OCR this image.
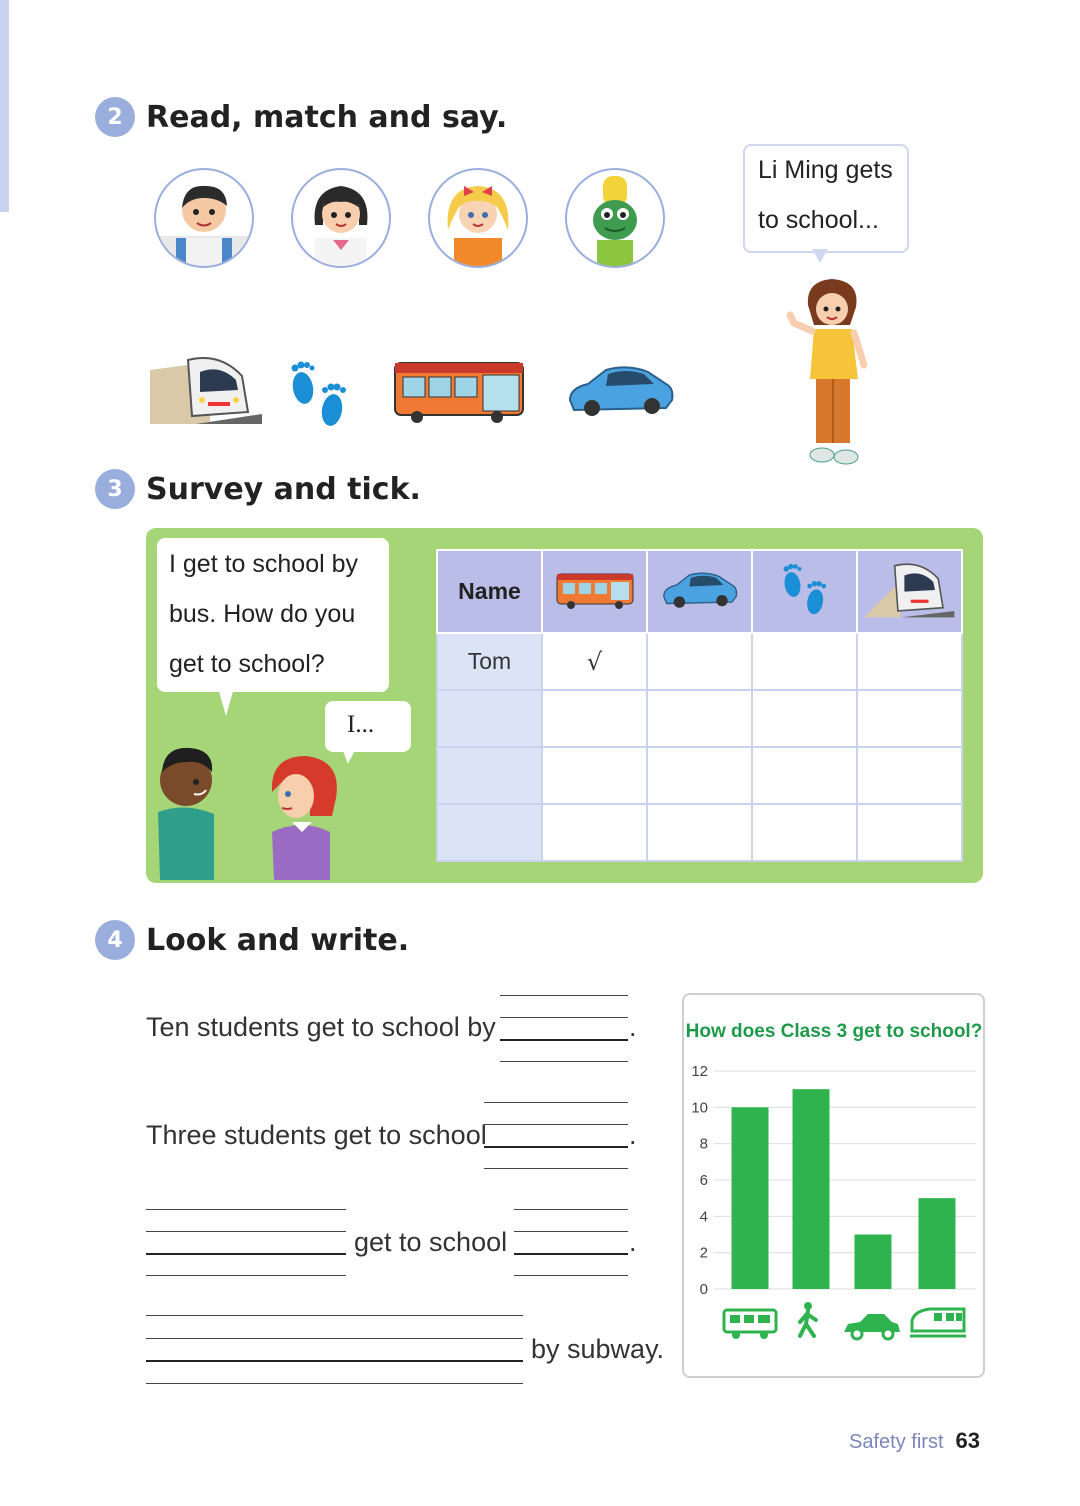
2 Read, match and say.
Li Ming gets
to school...
3 Survey and tick.
I get to school by
bus. How do you
get to school?
I...
Name				
Tom	√			

4 Look and write.
Ten students get to school by	.
Three students get to school	.
get to school	.
by subway.
How does Class 3 get to school?
0
2
4
6
8
10
12
Safety first 63
